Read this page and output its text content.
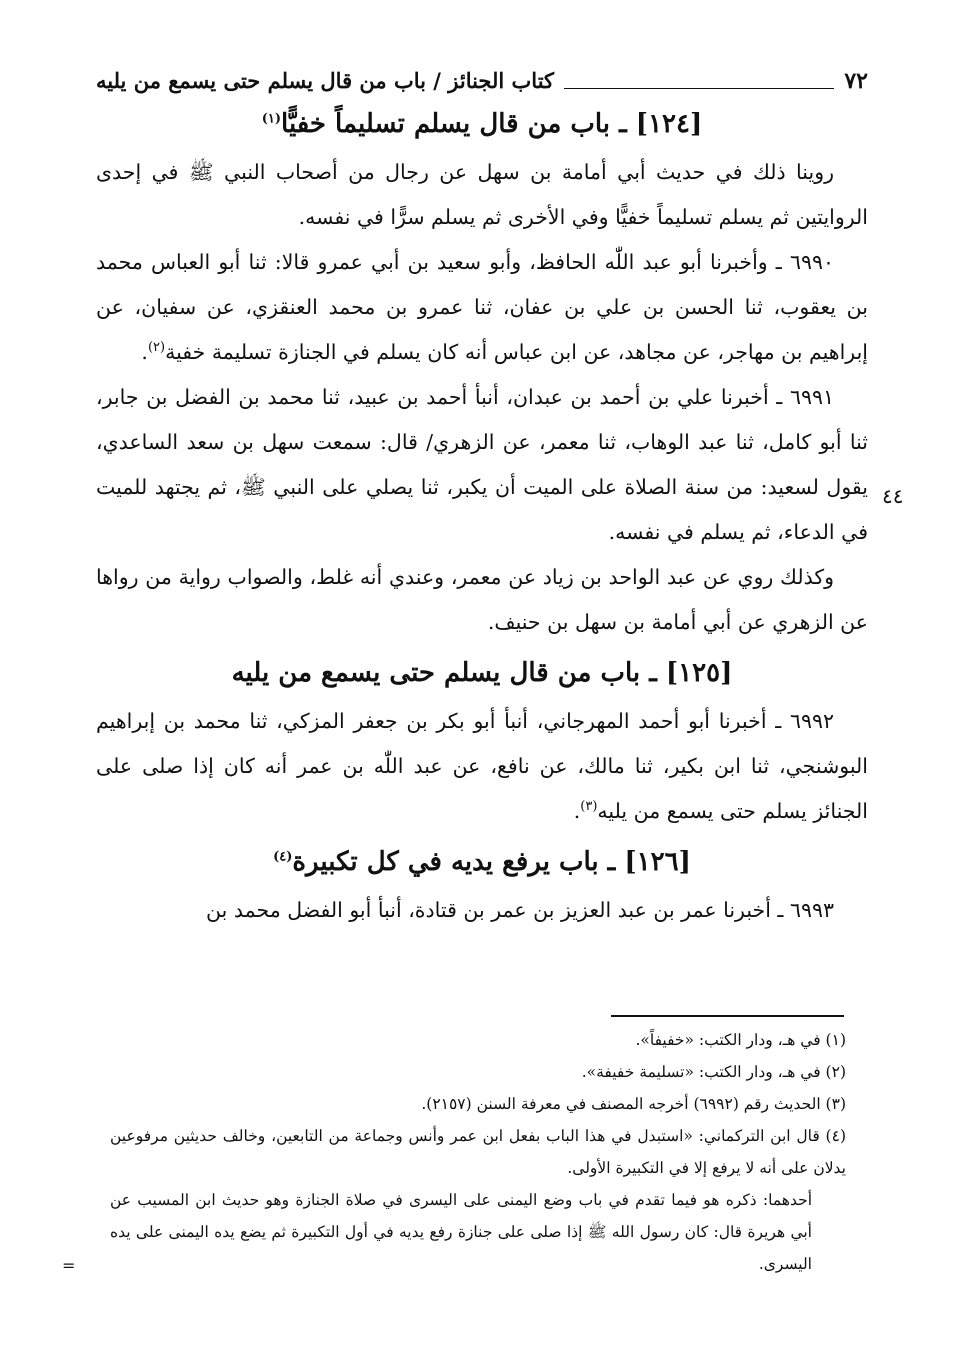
٧٢
كتاب الجنائز / باب من قال يسلم حتى يسمع من يليه
[١٢٤] ـ باب من قال يسلم تسليماً خفيًّا$^{(١)}$

روينا ذلك في حديث أبي أمامة بن سهل عن رجال من أصحاب النبي ﷺ في إحدى الروايتين ثم يسلم تسليماً خفيًّا وفي الأخرى ثم يسلم سرًّا في نفسه.

٦٩٩٠ ـ وأخبرنا أبو عبد اللّٰه الحافظ، وأبو سعيد بن أبي عمرو قالا: ثنا أبو العباس محمد بن يعقوب، ثنا الحسن بن علي بن عفان، ثنا عمرو بن محمد العنقزي، عن سفيان، عن إبراهيم بن مهاجر، عن مجاهد، عن ابن عباس أنه كان يسلم في الجنازة تسليمة خفية$^{(٢)}$.

٦٩٩١ ـ أخبرنا علي بن أحمد بن عبدان، أنبأ أحمد بن عبيد، ثنا محمد بن الفضل بن جابر، ثنا أبو كامل، ثنا عبد الوهاب، ثنا معمر، عن الزهري/ قال: سمعت سهل بن سعد الساعدي، يقول لسعيد: من سنة الصلاة على الميت أن يكبر، ثنا يصلي على النبي ﷺ، ثم يجتهد للميت في الدعاء، ثم يسلم في نفسه.

وكذلك روي عن عبد الواحد بن زياد عن معمر، وعندي أنه غلط، والصواب رواية من رواها عن الزهري عن أبي أمامة بن سهل بن حنيف.

[١٢٥] ـ باب من قال يسلم حتى يسمع من يليه

٦٩٩٢ ـ أخبرنا أبو أحمد المهرجاني، أنبأ أبو بكر بن جعفر المزكي، ثنا محمد بن إبراهيم البوشنجي، ثنا ابن بكير، ثنا مالك، عن نافع، عن عبد اللّٰه بن عمر أنه كان إذا صلى على الجنائز يسلم حتى يسمع من يليه$^{(٣)}$.

[١٢٦] ـ باب يرفع يديه في كل تكبيرة$^{(٤)}$

٦٩٩٣ ـ أخبرنا عمر بن عبد العزيز بن عمر بن قتادة، أنبأ أبو الفضل محمد بن

٤٤

(١) في هـ، ودار الكتب: «خفيفاً».

(٢) في هـ، ودار الكتب: «تسليمة خفيفة».

(٣) الحديث رقم (٦٩٩٢) أخرجه المصنف في معرفة السنن (٢١٥٧).

(٤) قال ابن التركماني: «استبدل في هذا الباب بفعل ابن عمر وأنس وجماعة من التابعين، وخالف حديثين مرفوعين يدلان على أنه لا يرفع إلا في التكبيرة الأولى.

أحدهما: ذكره هو فيما تقدم في باب وضع اليمنى على اليسرى في صلاة الجنازة وهو حديث ابن المسيب عن أبي هريرة قال: كان رسول الله ﷺ إذا صلى على جنازة رفع يديه في أول التكبيرة ثم يضع يده اليمنى على يده اليسرى.

=
